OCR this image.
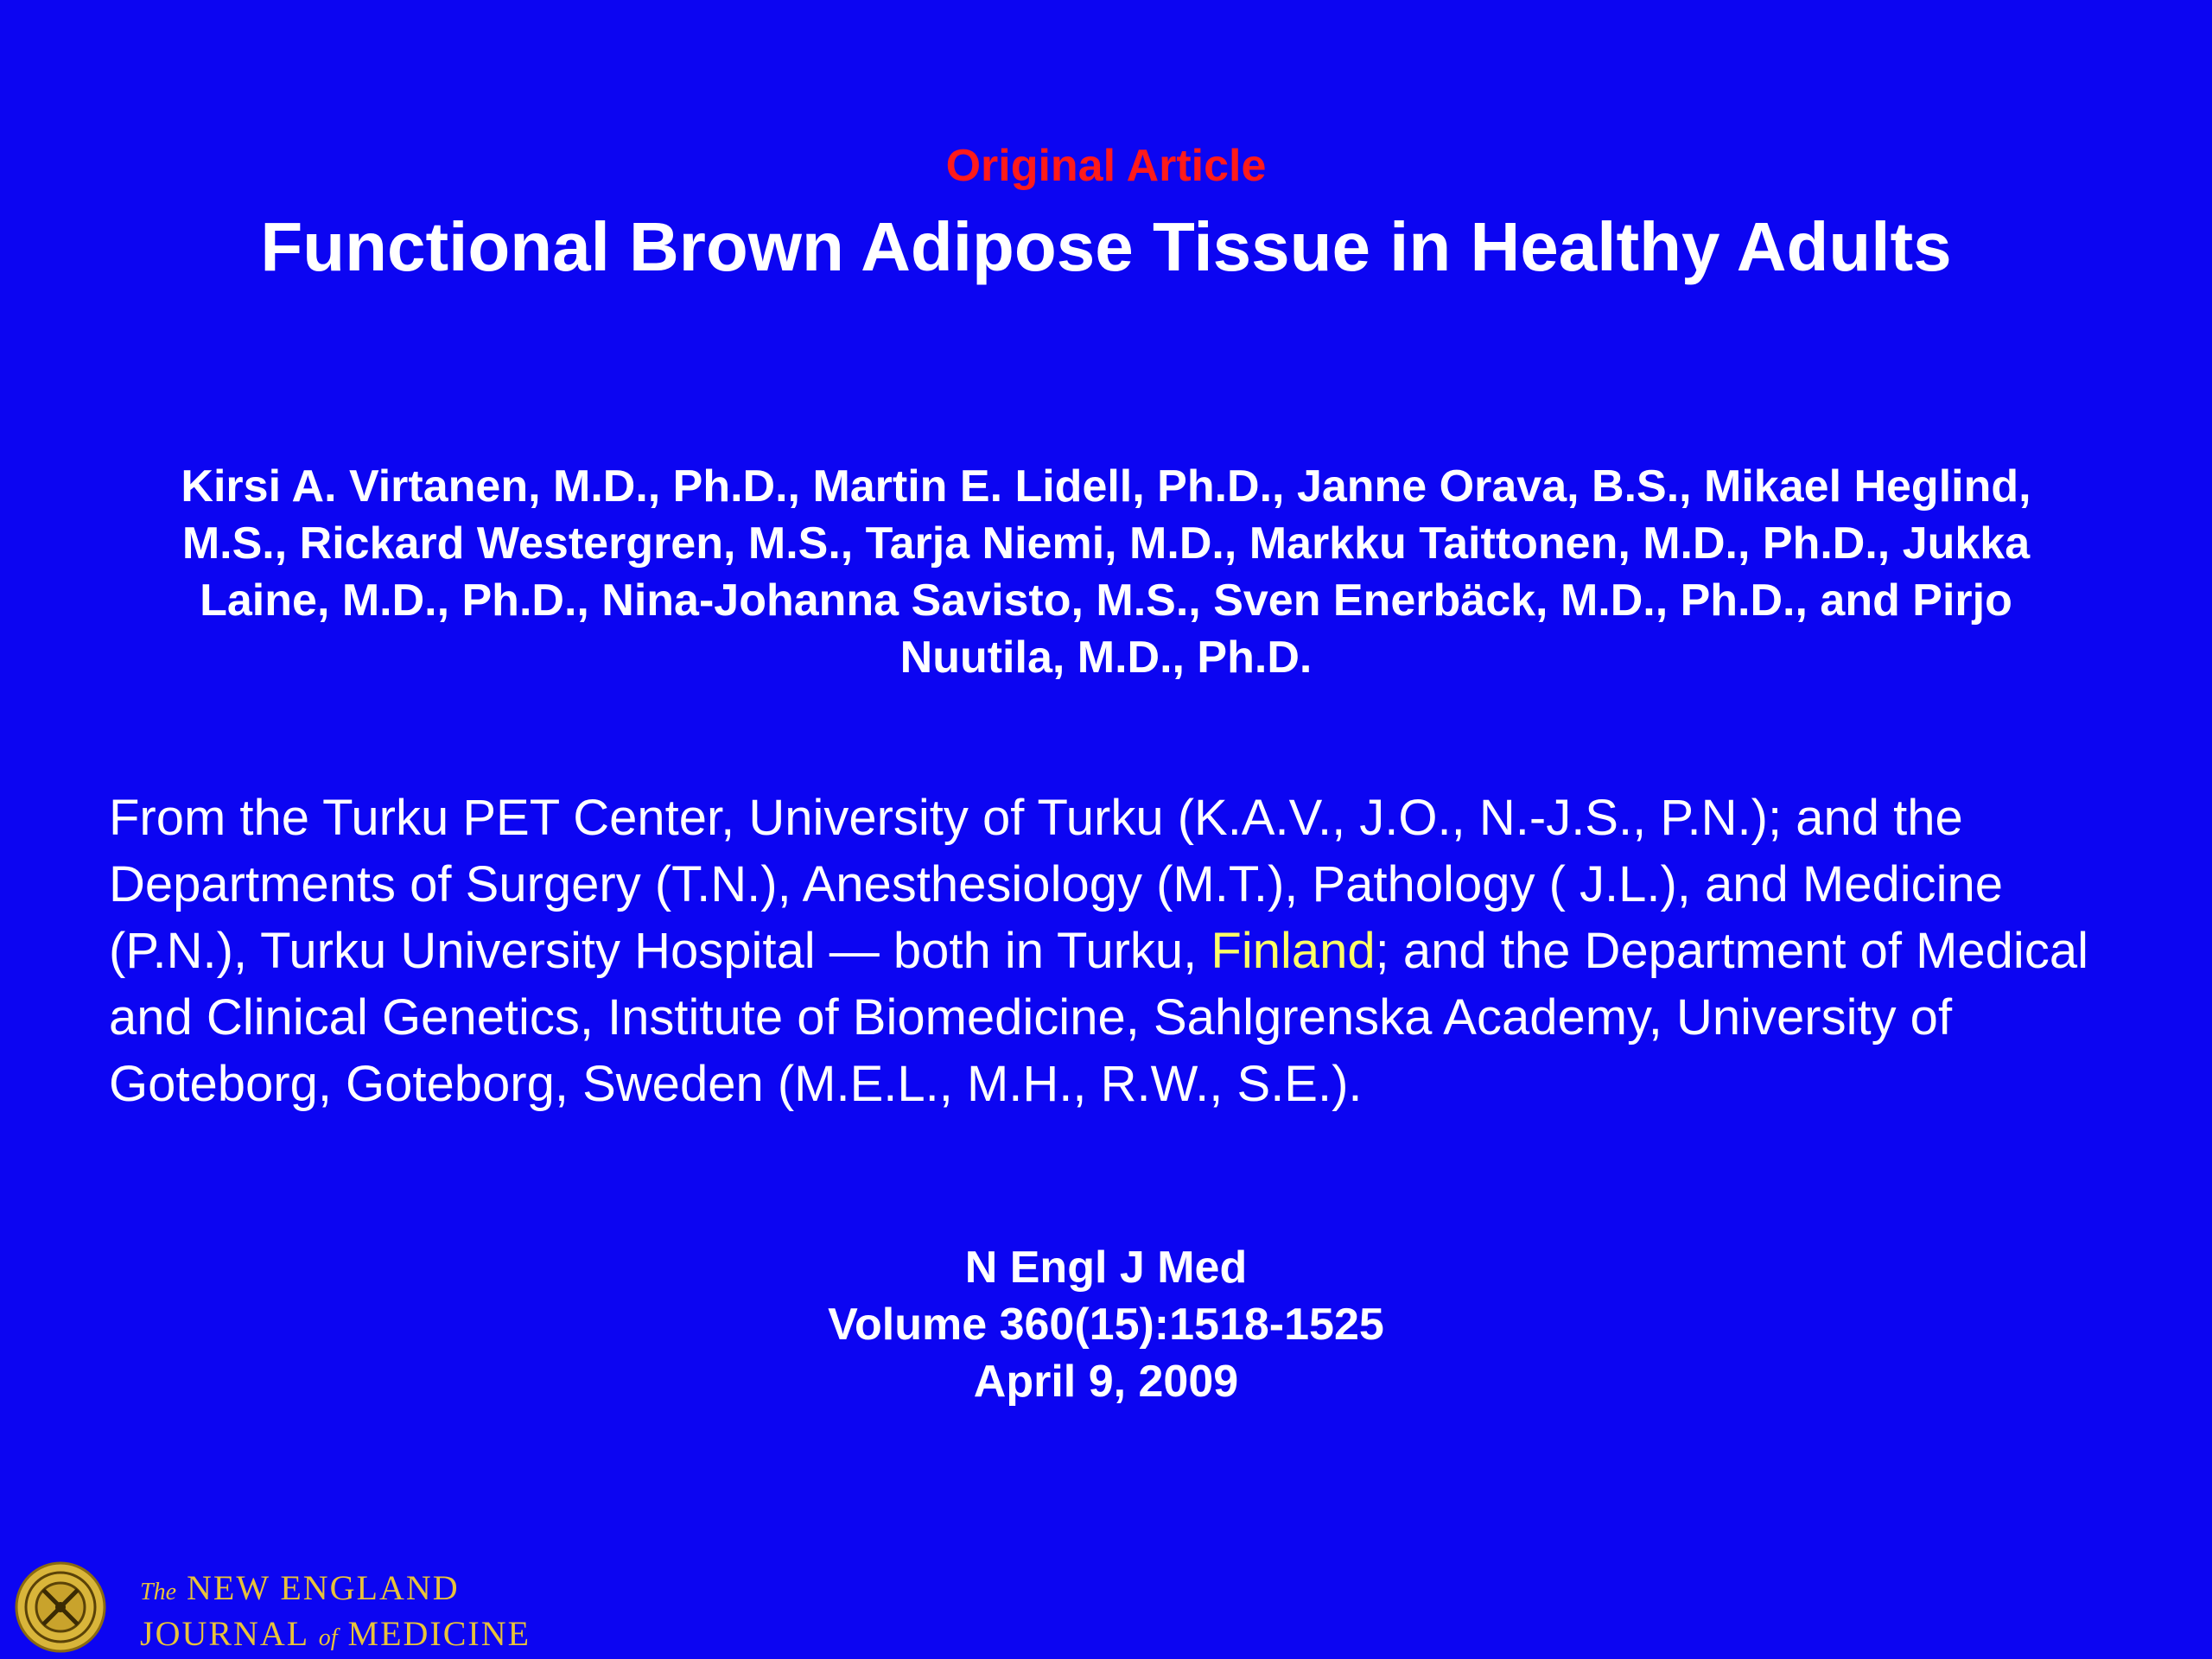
Original Article
Functional Brown Adipose Tissue in Healthy Adults
Kirsi A. Virtanen, M.D., Ph.D., Martin E. Lidell, Ph.D., Janne Orava, B.S., Mikael Heglind, M.S., Rickard Westergren, M.S., Tarja Niemi, M.D., Markku Taittonen, M.D., Ph.D., Jukka Laine, M.D., Ph.D., Nina-Johanna Savisto, M.S., Sven Enerbäck, M.D., Ph.D., and Pirjo Nuutila, M.D., Ph.D.
From the Turku PET Center, University of Turku (K.A.V., J.O., N.-J.S., P.N.); and the Departments of Surgery (T.N.), Anesthesiology (M.T.), Pathology ( J.L.), and Medicine (P.N.), Turku University Hospital — both in Turku, Finland; and the Department of Medical and Clinical Genetics, Institute of Biomedicine, Sahlgrenska Academy, University of Goteborg, Goteborg, Sweden (M.E.L., M.H., R.W., S.E.).
N Engl J Med
Volume 360(15):1518-1525
April 9, 2009
The NEW ENGLAND
JOURNAL of MEDICINE
